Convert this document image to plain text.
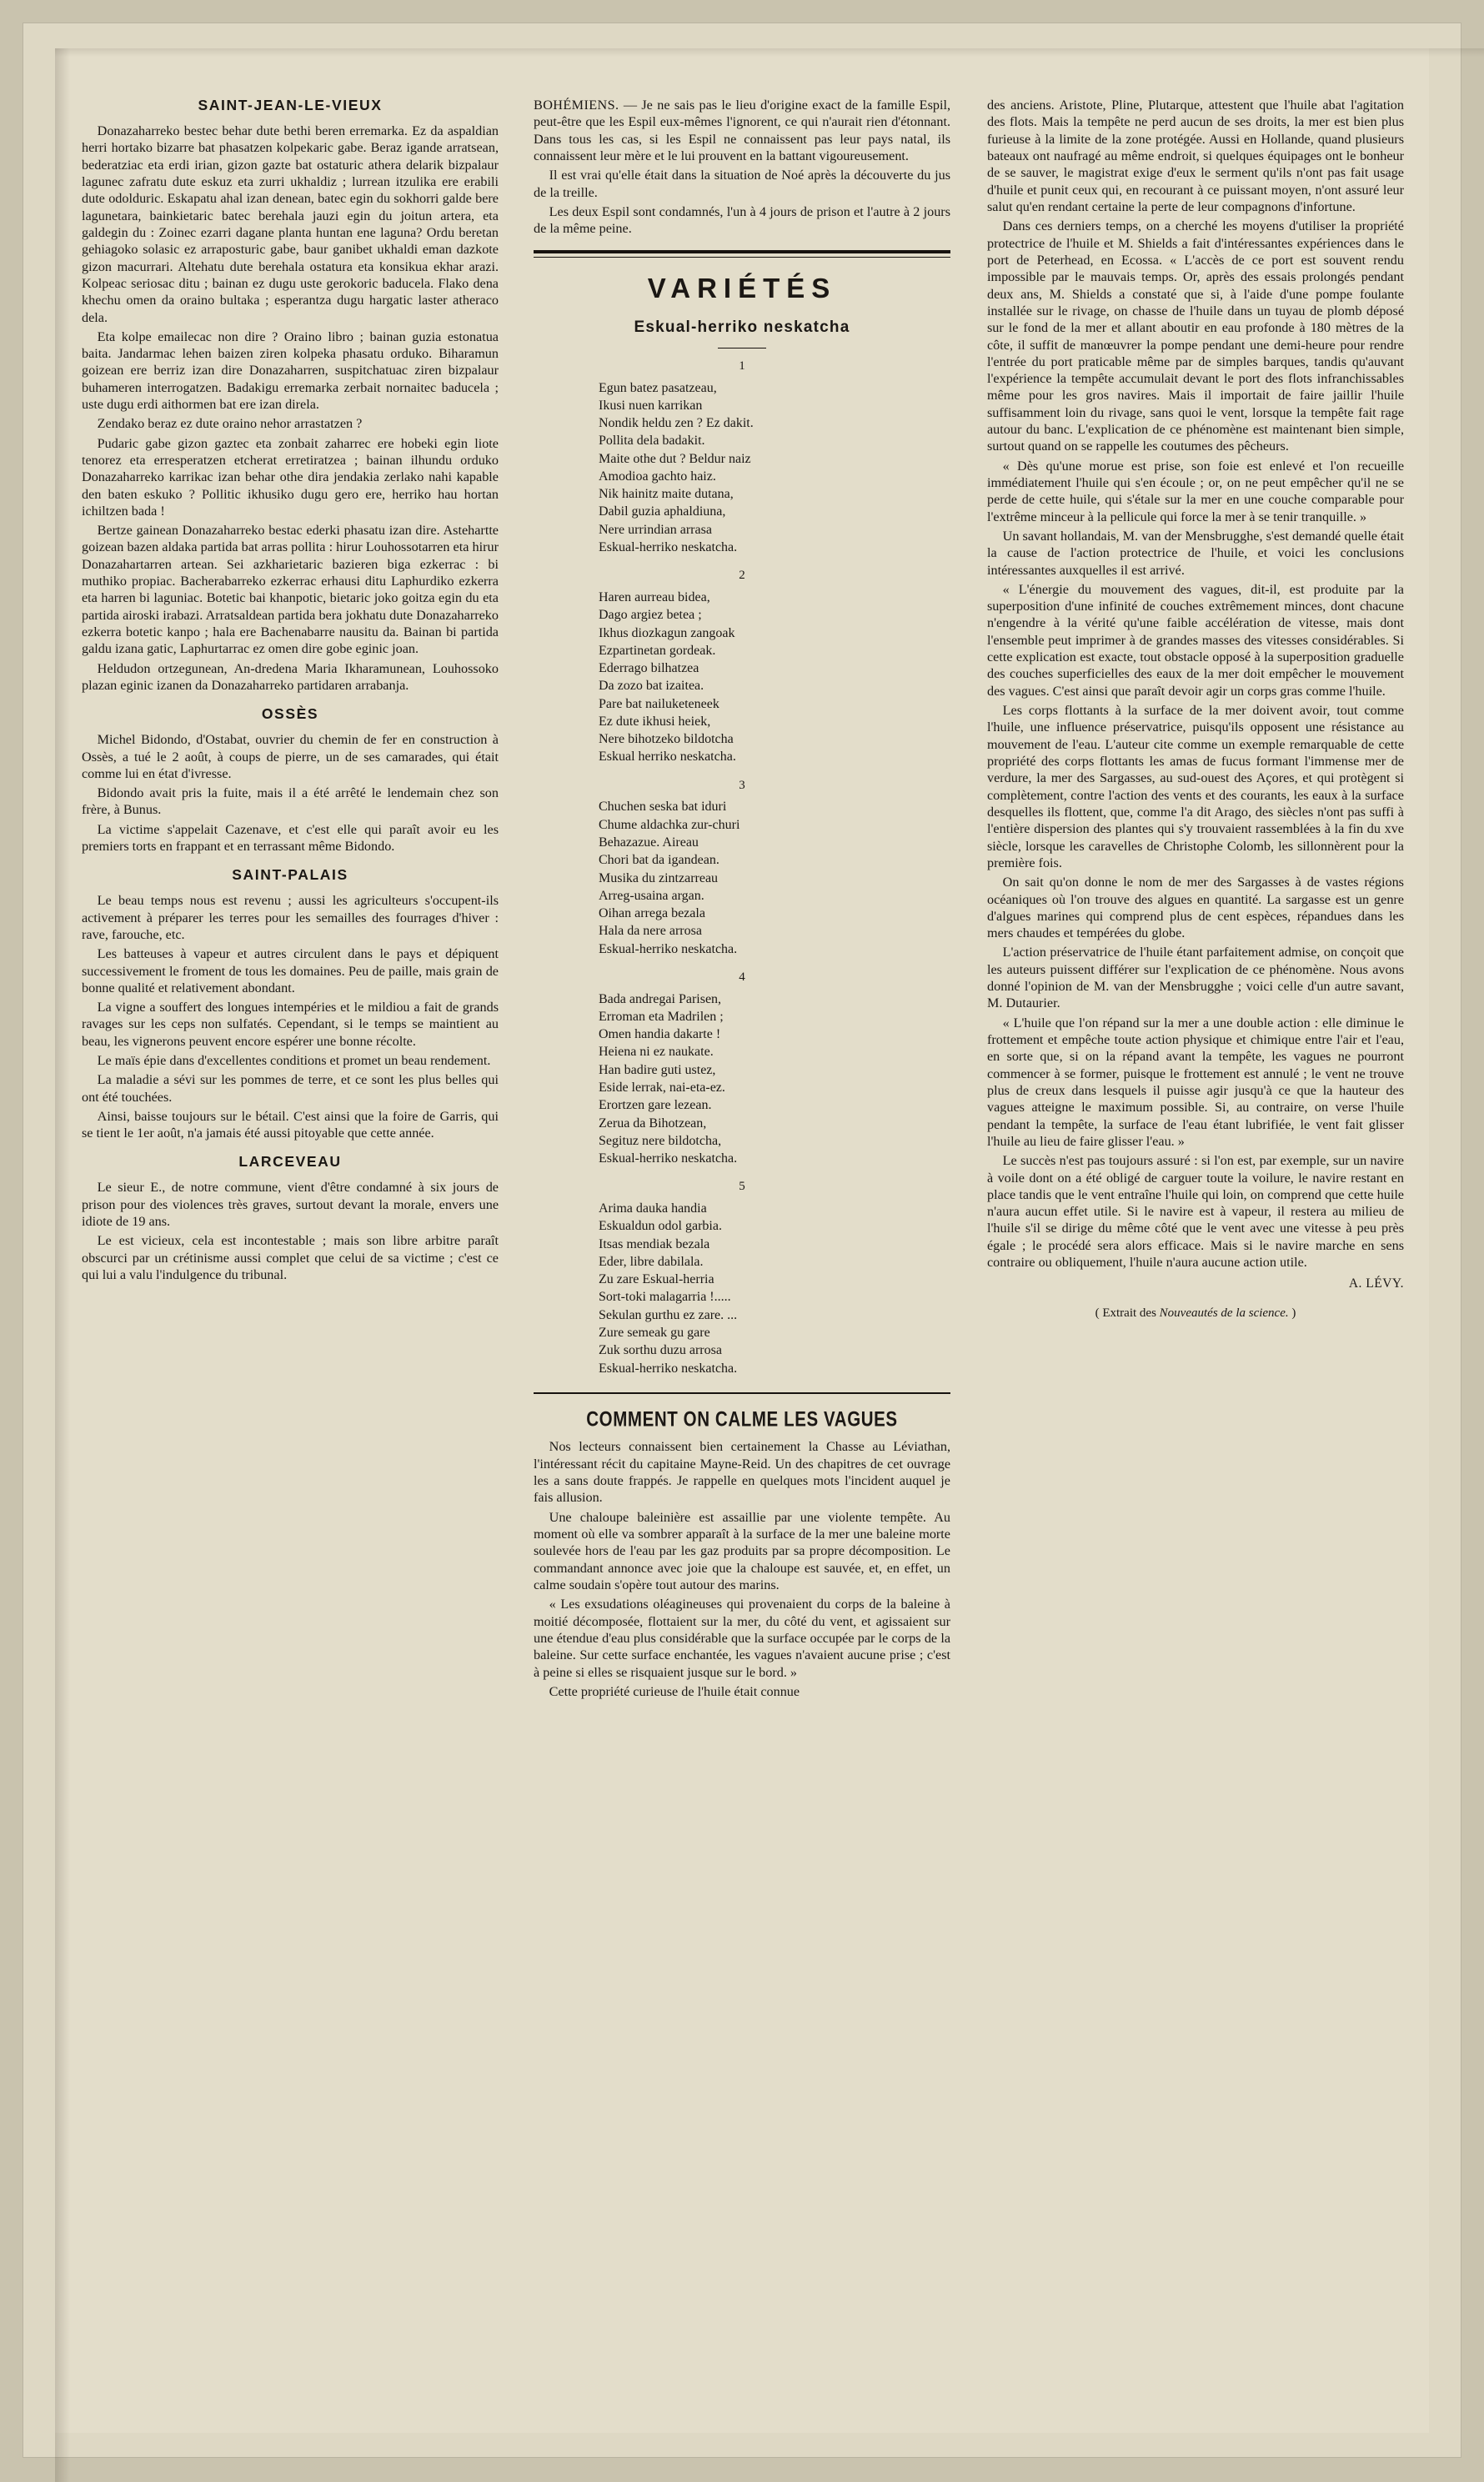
SAINT-JEAN-LE-VIEUX

Donazaharreko bestec behar dute bethi beren erremarka. Ez da aspaldian herri hortako bizarre bat phasatzen kolpekaric gabe. Beraz igande arratsean, bederatziac eta erdi irian, gizon gazte bat ostaturic athera delarik bizpalaur lagunec zafratu dute eskuz eta zurri ukhaldiz ; lurrean itzulika ere erabili dute odolduric. Eskapatu ahal izan denean, batec egin du sokhorri galde bere lagunetara, bainkietaric batec berehala jauzi egin du joitun artera, eta galdegin du : Zoinec ezarri dagane planta huntan ene laguna? Ordu beretan gehiagoko solasic ez arraposturic gabe, baur ganibet ukhaldi eman dazkote gizon macurrari. Altehatu dute berehala ostatura eta konsikua ekhar arazi. Kolpeac seriosac ditu ; bainan ez dugu uste gerokoric baducela. Flako dena khechu omen da oraino bultaka ; esperantza dugu hargatic laster atheraco dela.

Eta kolpe emailecac non dire ? Oraino libro ; bainan guzia estonatua baita. Jandarmac lehen baizen ziren kolpeka phasatu orduko. Biharamun goizean ere berriz izan dire Donazaharren, suspitchatuac ziren bizpalaur buhameren interrogatzen. Badakigu erremarka zerbait nornaitec baducela ; uste dugu erdi aithormen bat ere izan direla.

Zendako beraz ez dute oraino nehor arrastatzen ?

Pudaric gabe gizon gaztec eta zonbait zaharrec ere hobeki egin liote tenorez eta erresperatzen etcherat erretiratzea ; bainan ilhundu orduko Donazaharreko karrikac izan behar othe dira jendakia zerlako nahi kapable den baten eskuko ? Pollitic ikhusiko dugu gero ere, herriko hau hortan ichiltzen bada !

Bertze gainean Donazaharreko bestac ederki phasatu izan dire. Astehartte goizean bazen aldaka partida bat arras pollita : hirur Louhossotarren eta hirur Donazahartarren artean. Sei azkharietaric bazieren biga ezkerrac : bi muthiko propiac. Bacherabarreko ezkerrac erhausi ditu Laphurdiko ezkerra eta harren bi laguniac. Botetic bai khanpotic, bietaric joko goitza egin du eta partida airoski irabazi. Arratsaldean partida bera jokhatu dute Donazaharreko ezkerra botetic kanpo ; hala ere Bachenabarre nausitu da. Bainan bi partida galdu izana gatic, Laphurtarrac ez omen dire gobe eginic joan.

Heldudon ortzegunean, An-dredena Maria Ikharamunean, Louhossoko plazan eginic izanen da Donazaharreko partidaren arrabanja.

OSSÈS

Michel Bidondo, d'Ostabat, ouvrier du chemin de fer en construction à Ossès, a tué le 2 août, à coups de pierre, un de ses camarades, qui était comme lui en état d'ivresse.

Bidondo avait pris la fuite, mais il a été arrêté le lendemain chez son frère, à Bunus.

La victime s'appelait Cazenave, et c'est elle qui paraît avoir eu les premiers torts en frappant et en terrassant même Bidondo.

SAINT-PALAIS

Le beau temps nous est revenu ; aussi les agriculteurs s'occupent-ils activement à préparer les terres pour les semailles des fourrages d'hiver : rave, farouche, etc.

Les batteuses à vapeur et autres circulent dans le pays et dépiquent successivement le froment de tous les domaines. Peu de paille, mais grain de bonne qualité et relativement abondant.

La vigne a souffert des longues intempéries et le mildiou a fait de grands ravages sur les ceps non sulfatés. Cependant, si le temps se maintient au beau, les vignerons peuvent encore espérer une bonne récolte.

Le maïs épie dans d'excellentes conditions et promet un beau rendement.

La maladie a sévi sur les pommes de terre, et ce sont les plus belles qui ont été touchées.

Ainsi, baisse toujours sur le bétail. C'est ainsi que la foire de Garris, qui se tient le 1er août, n'a jamais été aussi pitoyable que cette année.

LARCEVEAU

Le sieur E., de notre commune, vient d'être condamné à six jours de prison pour des violences très graves, surtout devant la morale, envers une idiote de 19 ans.

Le est vicieux, cela est incontestable ; mais son libre arbitre paraît obscurci par un crétinisme aussi complet que celui de sa victime ; c'est ce qui lui a valu l'indulgence du tribunal.

BOHÉMIENS. — Je ne sais pas le lieu d'origine exact de la famille Espil, peut-être que les Espil eux-mêmes l'ignorent, ce qui n'aurait rien d'étonnant. Dans tous les cas, si les Espil ne connaissent pas leur pays natal, ils connaissent leur mère et le lui prouvent en la battant vigoureusement.

Il est vrai qu'elle était dans la situation de Noé après la découverte du jus de la treille.

Les deux Espil sont condamnés, l'un à 4 jours de prison et l'autre à 2 jours de la même peine.

VARIÉTÉS
Eskual-herriko neskatcha
1
Egun batez pasatzeau,
Ikusi nuen karrikan
Nondik heldu zen ? Ez dakit.
Pollita dela badakit.
Maite othe dut ? Beldur naiz
Amodioa gachto haiz.
Nik hainitz maite dutana,
Dabil guzia aphaldiuna,
Nere urrindian arrasa
Eskual-herriko neskatcha.
2
Haren aurreau bidea,
Dago argiez betea ;
Ikhus diozkagun zangoak
Ezpartinetan gordeak.
Ederrago bilhatzea
Da zozo bat izaitea.
Pare bat nailuketeneek
Ez dute ikhusi heiek,
Nere bihotzeko bildotcha
Eskual herriko neskatcha.
3
Chuchen seska bat iduri
Chume aldachka zur-churi
Behazazue. Aireau
Chori bat da igandean.
Musika du zintzarreau
Arreg-usaina argan.
Oihan arrega bezala
Hala da nere arrosa
Eskual-herriko neskatcha.
4
Bada andregai Parisen,
Erroman eta Madrilen ;
Omen handia dakarte !
Heiena ni ez naukate.
Han badire guti ustez,
Eside lerrak, nai-eta-ez.
Erortzen gare lezean.
Zerua da Bihotzean,
Segituz nere bildotcha,
Eskual-herriko neskatcha.
5
Arima dauka handia
Eskualdun odol garbia.
Itsas mendiak bezala
Eder, libre dabilala.
Zu zare Eskual-herria
Sort-toki malagarria !.....
Sekulan gurthu ez zare. ...
Zure semeak gu gare
Zuk sorthu duzu arrosa
Eskual-herriko neskatcha.
COMMENT ON CALME LES VAGUES

Nos lecteurs connaissent bien certainement la Chasse au Léviathan, l'intéressant récit du capitaine Mayne-Reid. Un des chapitres de cet ouvrage les a sans doute frappés. Je rappelle en quelques mots l'incident auquel je fais allusion.

Une chaloupe baleinière est assaillie par une violente tempête. Au moment où elle va sombrer apparaît à la surface de la mer une baleine morte soulevée hors de l'eau par les gaz produits par sa propre décomposition. Le commandant annonce avec joie que la chaloupe est sauvée, et, en effet, un calme soudain s'opère tout autour des marins.

« Les exsudations oléagineuses qui provenaient du corps de la baleine à moitié décomposée, flottaient sur la mer, du côté du vent, et agissaient sur une étendue d'eau plus considérable que la surface occupée par le corps de la baleine. Sur cette surface enchantée, les vagues n'avaient aucune prise ; c'est à peine si elles se risquaient jusque sur le bord. »

Cette propriété curieuse de l'huile était connue

des anciens. Aristote, Pline, Plutarque, attestent que l'huile abat l'agitation des flots. Mais la tempête ne perd aucun de ses droits, la mer est bien plus furieuse à la limite de la zone protégée. Aussi en Hollande, quand plusieurs bateaux ont naufragé au même endroit, si quelques équipages ont le bonheur de se sauver, le magistrat exige d'eux le serment qu'ils n'ont pas fait usage d'huile et punit ceux qui, en recourant à ce puissant moyen, n'ont assuré leur salut qu'en rendant certaine la perte de leur compagnons d'infortune.

Dans ces derniers temps, on a cherché les moyens d'utiliser la propriété protectrice de l'huile et M. Shields a fait d'intéressantes expériences dans le port de Peterhead, en Ecossa. « L'accès de ce port est souvent rendu impossible par le mauvais temps. Or, après des essais prolongés pendant deux ans, M. Shields a constaté que si, à l'aide d'une pompe foulante installée sur le rivage, on chasse de l'huile dans un tuyau de plomb déposé sur le fond de la mer et allant aboutir en eau profonde à 180 mètres de la côte, il suffit de manœuvrer la pompe pendant une demi-heure pour rendre l'entrée du port praticable même par de simples barques, tandis qu'auvant l'expérience la tempête accumulait devant le port des flots infranchissables même pour les gros navires. Mais il importait de faire jaillir l'huile suffisamment loin du rivage, sans quoi le vent, lorsque la tempête fait rage autour du banc. L'explication de ce phénomène est maintenant bien simple, surtout quand on se rappelle les coutumes des pêcheurs.

« Dès qu'une morue est prise, son foie est enlevé et l'on recueille immédiatement l'huile qui s'en écoule ; or, on ne peut empêcher qu'il ne se perde de cette huile, qui s'étale sur la mer en une couche comparable pour l'extrême minceur à la pellicule qui force la mer à se tenir tranquille. »

Un savant hollandais, M. van der Mensbrugghe, s'est demandé quelle était la cause de l'action protectrice de l'huile, et voici les conclusions intéressantes auxquelles il est arrivé.

« L'énergie du mouvement des vagues, dit-il, est produite par la superposition d'une infinité de couches extrêmement minces, dont chacune n'engendre à la vérité qu'une faible accélération de vitesse, mais dont l'ensemble peut imprimer à de grandes masses des vitesses considérables. Si cette explication est exacte, tout obstacle opposé à la superposition graduelle des couches superficielles des eaux de la mer doit empêcher le mouvement des vagues. C'est ainsi que paraît devoir agir un corps gras comme l'huile.

Les corps flottants à la surface de la mer doivent avoir, tout comme l'huile, une influence préservatrice, puisqu'ils opposent une résistance au mouvement de l'eau. L'auteur cite comme un exemple remarquable de cette propriété des corps flottants les amas de fucus formant l'immense mer de verdure, la mer des Sargasses, au sud-ouest des Açores, et qui protègent si complètement, contre l'action des vents et des courants, les eaux à la surface desquelles ils flottent, que, comme l'a dit Arago, des siècles n'ont pas suffi à l'entière dispersion des plantes qui s'y trouvaient rassemblées à la fin du xve siècle, lorsque les caravelles de Christophe Colomb, les sillonnèrent pour la première fois.

On sait qu'on donne le nom de mer des Sargasses à de vastes régions océaniques où l'on trouve des algues en quantité. La sargasse est un genre d'algues marines qui comprend plus de cent espèces, répandues dans les mers chaudes et tempérées du globe.

L'action préservatrice de l'huile étant parfaitement admise, on conçoit que les auteurs puissent différer sur l'explication de ce phénomène. Nous avons donné l'opinion de M. van der Mensbrugghe ; voici celle d'un autre savant, M. Dutaurier.

« L'huile que l'on répand sur la mer a une double action : elle diminue le frottement et empêche toute action physique et chimique entre l'air et l'eau, en sorte que, si on la répand avant la tempête, les vagues ne pourront commencer à se former, puisque le frottement est annulé ; le vent ne trouve plus de creux dans lesquels il puisse agir jusqu'à ce que la hauteur des vagues atteigne le maximum possible. Si, au contraire, on verse l'huile pendant la tempête, la surface de l'eau étant lubrifiée, le vent fait glisser l'huile au lieu de faire glisser l'eau. »

Le succès n'est pas toujours assuré : si l'on est, par exemple, sur un navire à voile dont on a été obligé de carguer toute la voilure, le navire restant en place tandis que le vent entraîne l'huile qui loin, on comprend que cette huile n'aura aucun effet utile. Si le navire est à vapeur, il restera au milieu de l'huile s'il se dirige du même côté que le vent avec une vitesse à peu près égale ; le procédé sera alors efficace. Mais si le navire marche en sens contraire ou obliquement, l'huile n'aura aucune action utile.

A. LÉVY.
( Extrait des Nouveautés de la science. )
